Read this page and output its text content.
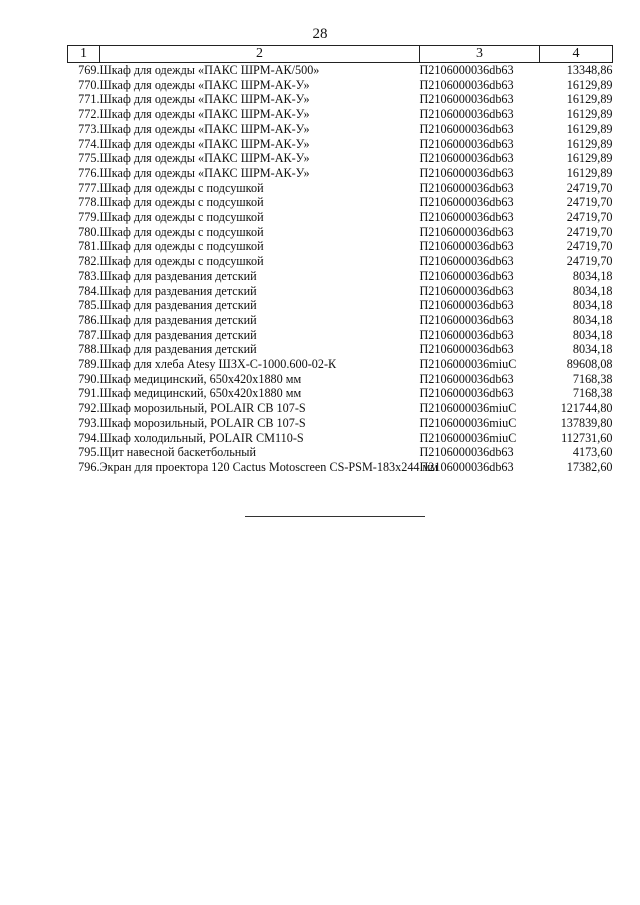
28
1	2	3	4
769.	Шкаф для одежды «ПАКС ШРМ-АК/500»	П2106000036db63	13348,86
770.	Шкаф для одежды «ПАКС ШРМ-АК-У»	П2106000036db63	16129,89
771.	Шкаф для одежды «ПАКС ШРМ-АК-У»	П2106000036db63	16129,89
772.	Шкаф для одежды «ПАКС ШРМ-АК-У»	П2106000036db63	16129,89
773.	Шкаф для одежды «ПАКС ШРМ-АК-У»	П2106000036db63	16129,89
774.	Шкаф для одежды «ПАКС ШРМ-АК-У»	П2106000036db63	16129,89
775.	Шкаф для одежды «ПАКС ШРМ-АК-У»	П2106000036db63	16129,89
776.	Шкаф для одежды «ПАКС ШРМ-АК-У»	П2106000036db63	16129,89
777.	Шкаф для одежды с подсушкой	П2106000036db63	24719,70
778.	Шкаф для одежды с подсушкой	П2106000036db63	24719,70
779.	Шкаф для одежды с подсушкой	П2106000036db63	24719,70
780.	Шкаф для одежды с подсушкой	П2106000036db63	24719,70
781.	Шкаф для одежды с подсушкой	П2106000036db63	24719,70
782.	Шкаф для одежды с подсушкой	П2106000036db63	24719,70
783.	Шкаф для раздевания детский	П2106000036db63	8034,18
784.	Шкаф для раздевания детский	П2106000036db63	8034,18
785.	Шкаф для раздевания детский	П2106000036db63	8034,18
786.	Шкаф для раздевания детский	П2106000036db63	8034,18
787.	Шкаф для раздевания детский	П2106000036db63	8034,18
788.	Шкаф для раздевания детский	П2106000036db63	8034,18
789.	Шкаф для хлеба Atesy ШЗХ-С-1000.600-02-К	П2106000036miuC	89608,08
790.	Шкаф медицинский, 650х420х1880 мм	П2106000036db63	7168,38
791.	Шкаф медицинский, 650х420х1880 мм	П2106000036db63	7168,38
792.	Шкаф морозильный, POLAIR CB 107-S	П2106000036miuC	121744,80
793.	Шкаф морозильный, POLAIR CB 107-S	П2106000036miuC	137839,80
794.	Шкаф холодильный, POLAIR CM110-S	П2106000036miuC	112731,60
795.	Щит навесной баскетбольный	П2106000036db63	4173,60
796.	Экран для проектора 120 Cactus Motoscreen CS-PSM-183х244 мм	П2106000036db63	17382,60
